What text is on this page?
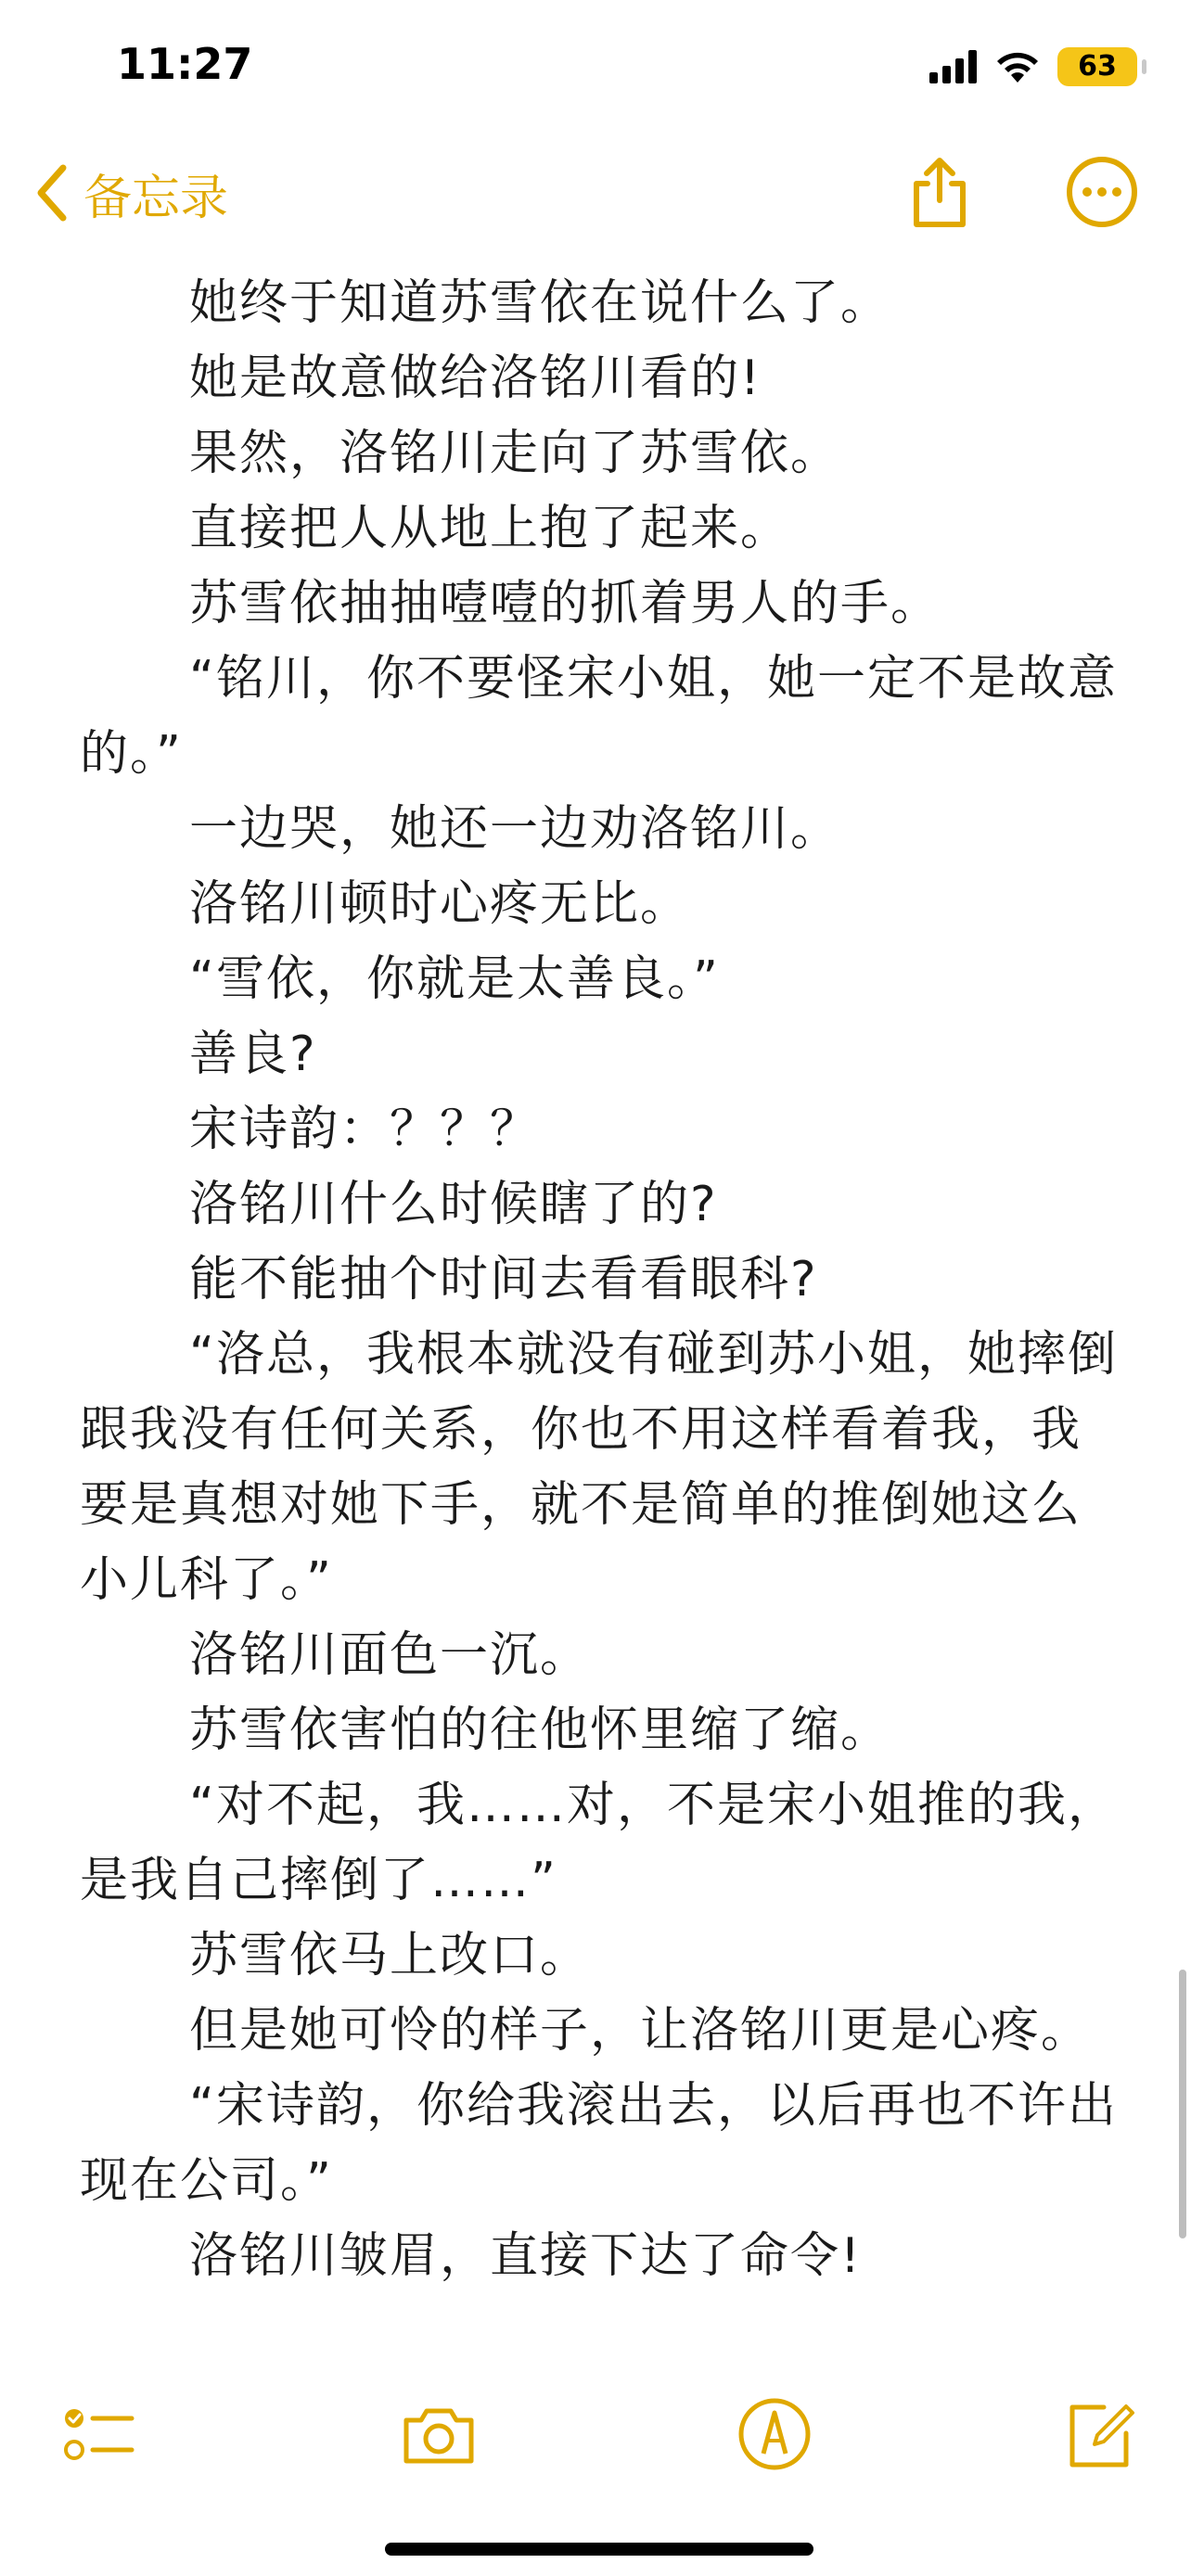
11:27	63
备忘录

她终于知道苏雪依在说什么了。

她是故意做给洛铭川看的!

果然，洛铭川走向了苏雪依。

直接把人从地上抱了起来。

苏雪依抽抽噎噎的抓着男人的手。

“铭川，你不要怪宋小姐，她一定不是故意的。”

一边哭，她还一边劝洛铭川。

洛铭川顿时心疼无比。

“雪依，你就是太善良。”

善良?

宋诗韵：？？？

洛铭川什么时候瞎了的?

能不能抽个时间去看看眼科?

“洛总，我根本就没有碰到苏小姐，她摔倒跟我没有任何关系，你也不用这样看着我，我要是真想对她下手，就不是简单的推倒她这么小儿科了。”

洛铭川面色一沉。

苏雪依害怕的往他怀里缩了缩。

“对不起，我……对，不是宋小姐推的我，是我自己摔倒了……”

苏雪依马上改口。

但是她可怜的样子，让洛铭川更是心疼。

“宋诗韵，你给我滚出去，以后再也不许出现在公司。”

洛铭川皱眉，直接下达了命令!
